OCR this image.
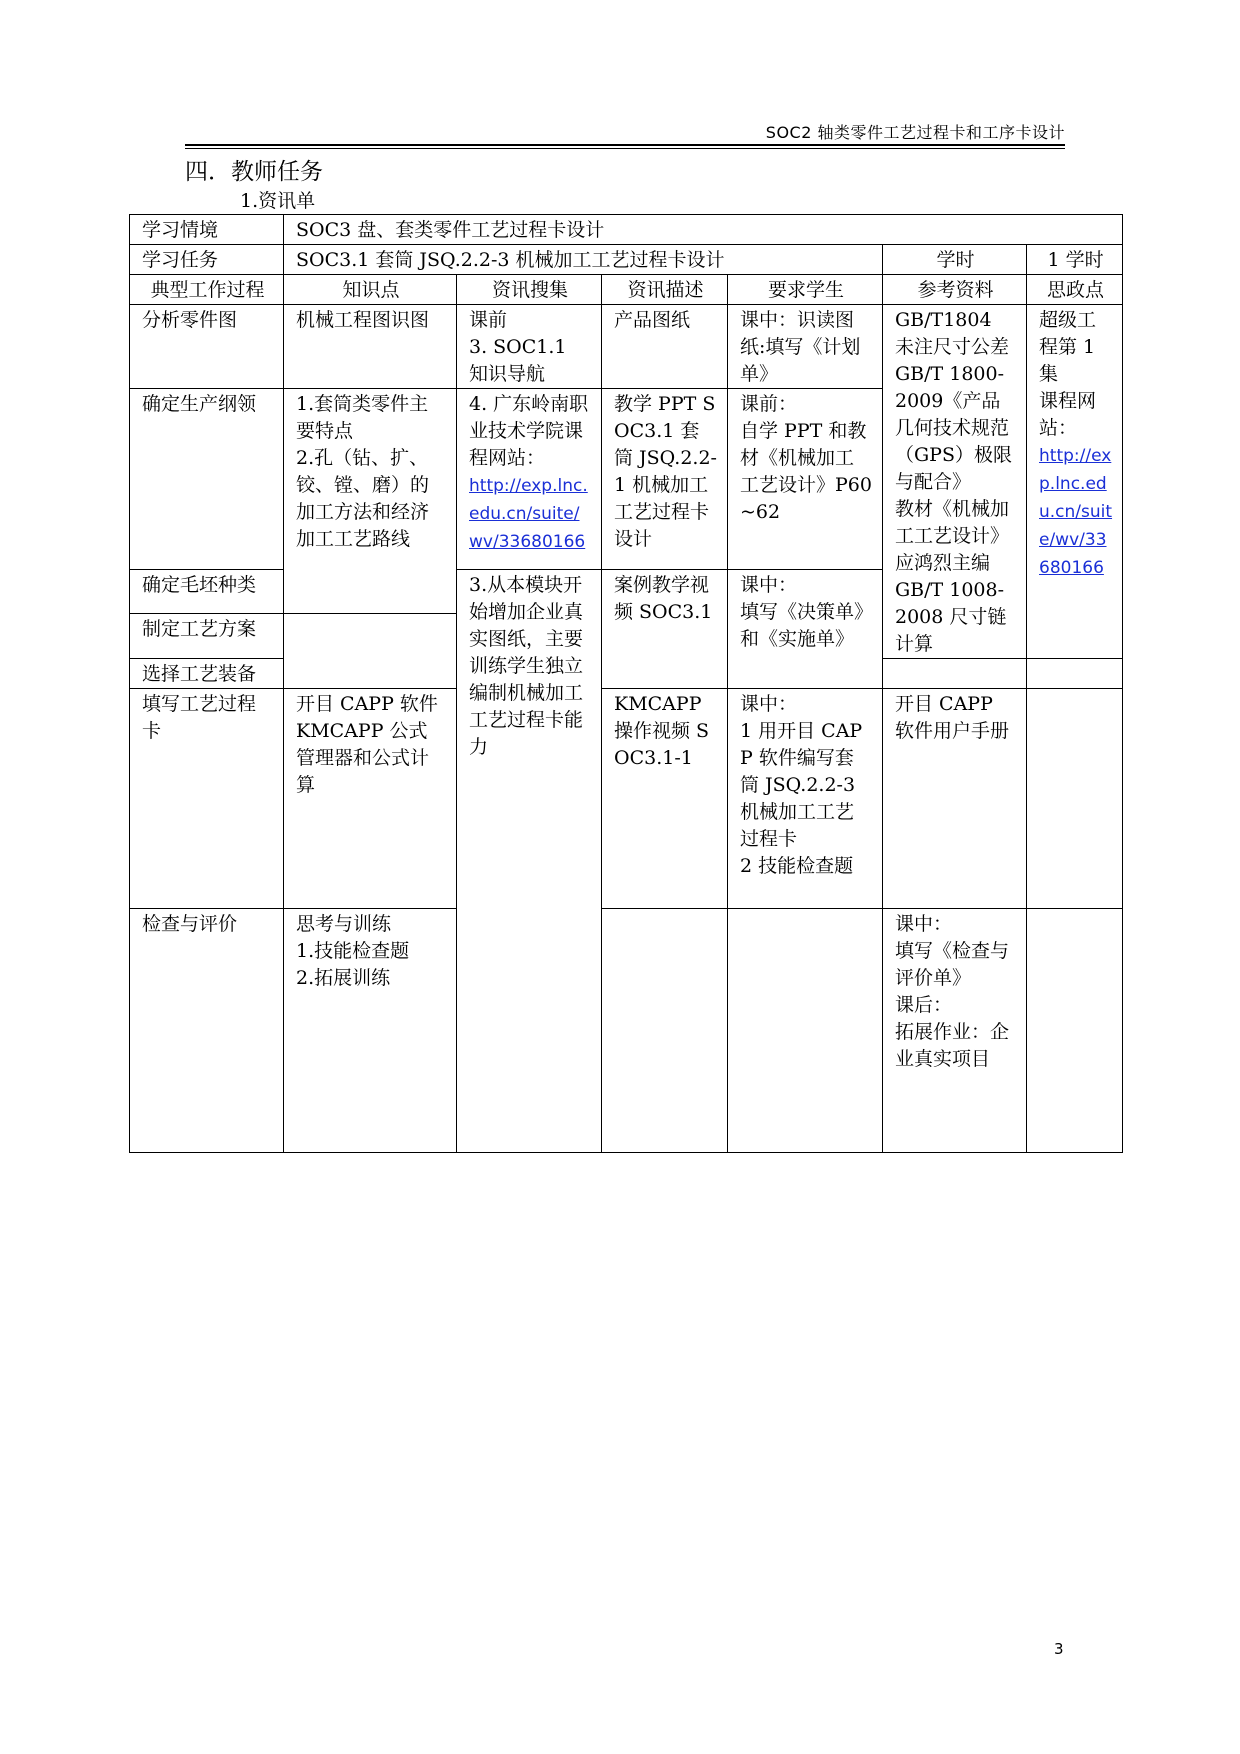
SOC2 轴类零件工艺过程卡和工序卡设计
四．教师任务
1.资讯单
学习情境	SOC3 盘、套类零件工艺过程卡设计						
学习任务	SOC3.1 套筒 JSQ.2.2-3 机械加工工艺过程卡设计				学时	1 学时	
典型工作过程	知识点	资讯搜集	资讯描述	要求学生	参考资料	思政点	
分析零件图	机械工程图识图	课前
3. SOC1.1 知识导航	产品图纸	课中：识读图纸:填写《计划单》	GB/T1804 未注尺寸公差
GB/T 1800-2009《产品几何技术规范（GPS）极限与配合》
教材《机械加工工艺设计》应鸿烈主编
GB/T 1008-2008 尺寸链计算	超级工程第 1 集
课程网站：
http://exp.lnc.edu.cn/suite/wv/33680166	
确定生产纲领	1.套筒类零件主要特点
2.孔（钻、扩、铰、镗、磨）的加工方法和经济加工工艺路线	4. 广东岭南职业技术学院课程网站：
http://exp.lnc.edu.cn/suite/wv/33680166	教学 PPT SOC3.1 套筒 JSQ.2.2-1 机械加工工艺过程卡设计	课前：
自学 PPT 和教材《机械加工工艺设计》P60~62			
确定毛坯种类		3.从本模块开始增加企业真实图纸，主要训练学生独立编制机械加工工艺过程卡能力	案例教学视频 SOC3.1	课中：
填写《决策单》和《实施单》			
制定工艺方案							
选择工艺装备							
填写工艺过程卡	开目 CAPP 软件 KMCAPP 公式管理器和公式计算		KMCAPP 操作视频 SOC3.1-1	课中：
1 用开目 CAPP 软件编写套筒 JSQ.2.2-3 机械加工工艺过程卡
2 技能检查题	开目 CAPP 软件用户手册		
检查与评价	思考与训练
1.技能检查题
2.拓展训练				课中：
填写《检查与评价单》
课后：
拓展作业：企业真实项目		
3
